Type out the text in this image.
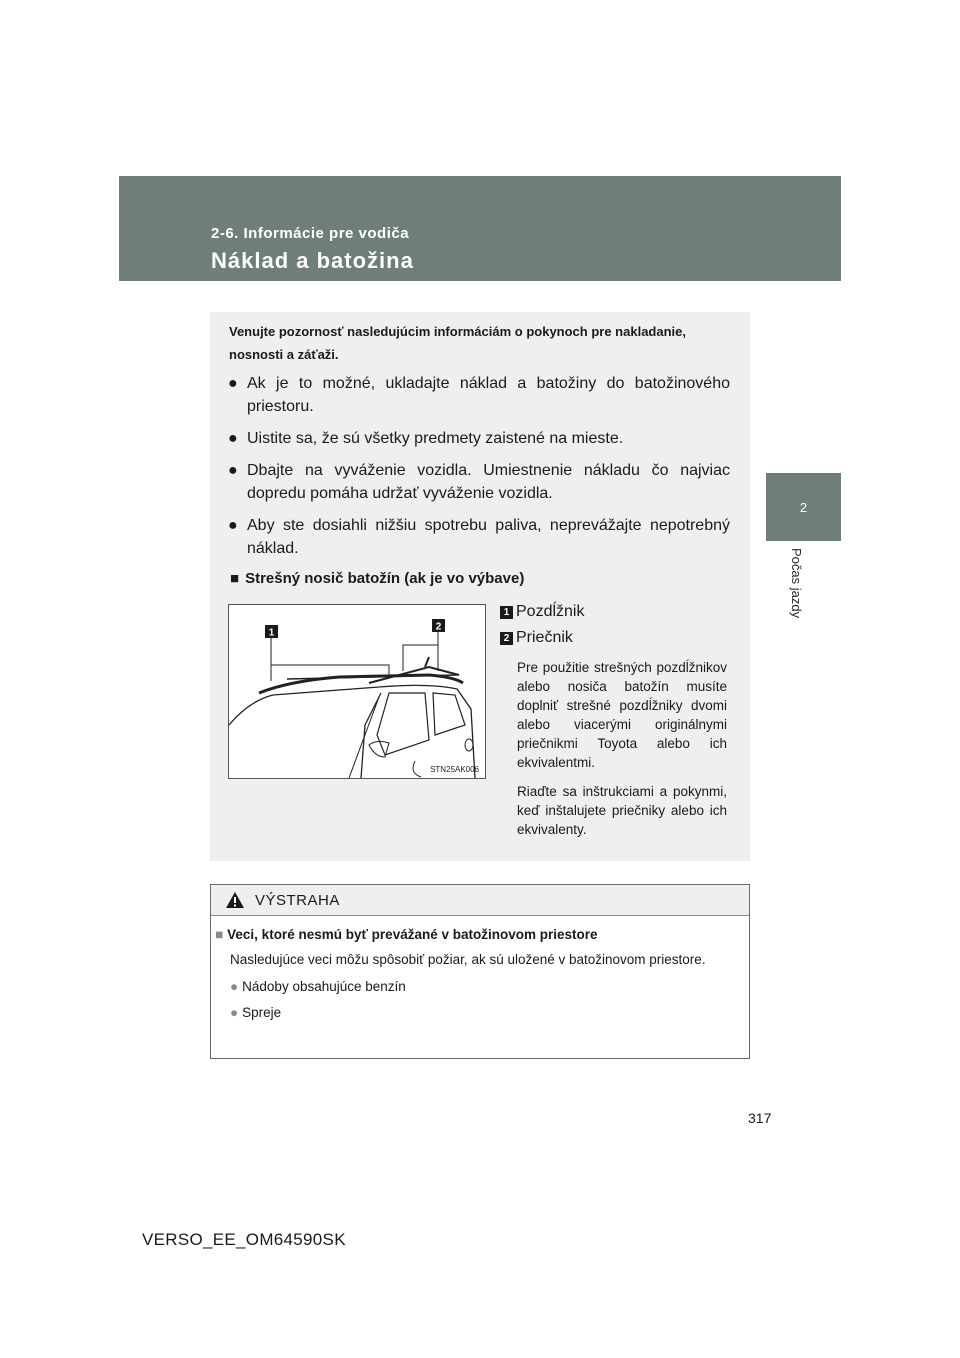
2-6. Informácie pre vodiča
Náklad a batožina
2
Počas jazdy
Venujte pozornosť nasledujúcim informáciám o pokynoch pre nakladanie, nosnosti a záťaži.
● Ak je to možné, ukladajte náklad a batožiny do batožinového priestoru.
● Uistite sa, že sú všetky predmety zaistené na mieste.
● Dbajte na vyváženie vozidla. Umiestnenie nákladu čo najviac dopredu pomáha udržať vyváženie vozidla.
● Aby ste dosiahli nižšiu spotrebu paliva, neprevážajte nepotrebný náklad.
■ Strešný nosič batožín (ak je vo výbave)
1
2
STN25AK006
1 Pozdĺžnik
2 Priečnik

Pre použitie strešných pozdĺžnikov alebo nosiča batožín musíte doplniť strešné pozdĺžniky dvomi alebo viacerými originálnymi priečnikmi Toyota alebo ich ekvivalentmi.

Riaďte sa inštrukciami a pokynmi, keď inštalujete priečniky alebo ich ekvivalenty.

VÝSTRAHA
■ Veci, ktoré nesmú byť prevážané v batožinovom priestore
Nasledujúce veci môžu spôsobiť požiar, ak sú uložené v batožinovom priestore.
● Nádoby obsahujúce benzín
● Spreje
317
VERSO_EE_OM64590SK
